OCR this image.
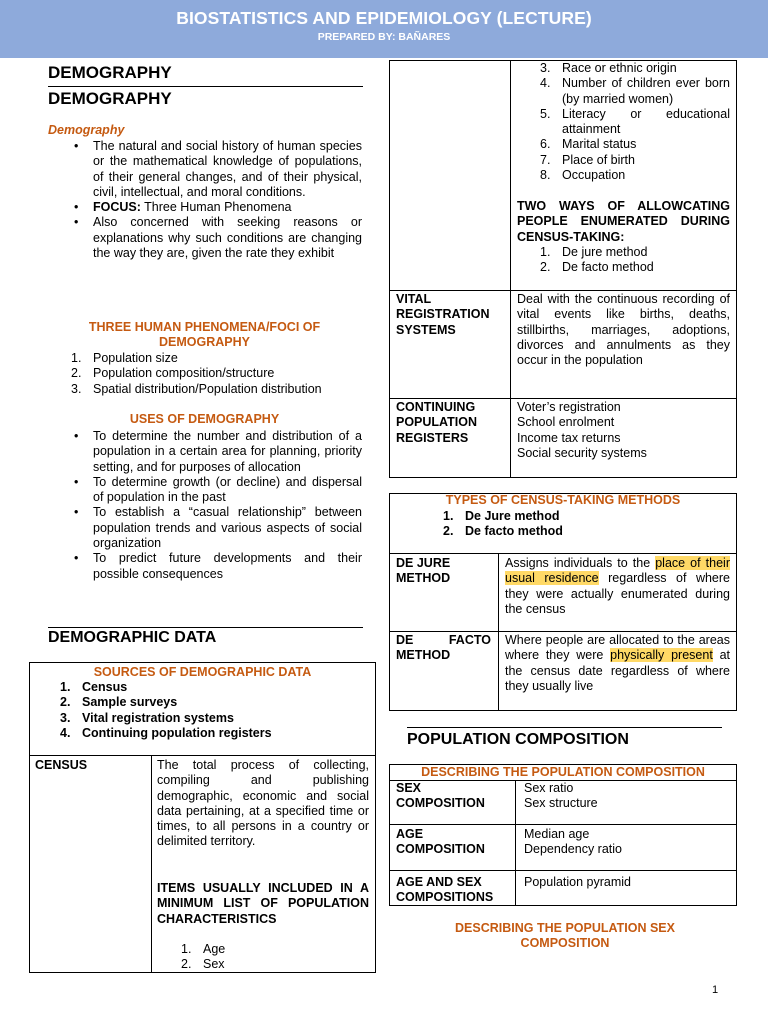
BIOSTATISTICS AND EPIDEMIOLOGY (LECTURE)
PREPARED BY: BAÑARES
DEMOGRAPHY
DEMOGRAPHY
Demography
• The natural and social history of human species or the mathematical knowledge of populations, of their general changes, and of their physical, civil, intellectual, and moral conditions.
• FOCUS: Three Human Phenomena
• Also concerned with seeking reasons or explanations why such conditions are changing the way they are, given the rate they exhibit
THREE HUMAN PHENOMENA/FOCI OF DEMOGRAPHY
1. Population size
2. Population composition/structure
3. Spatial distribution/Population distribution
USES OF DEMOGRAPHY
• To determine the number and distribution of a population in a certain area for planning, priority setting, and for purposes of allocation
• To determine growth (or decline) and dispersal of population in the past
• To establish a “casual relationship” between population trends and various aspects of social organization
• To predict future developments and their possible consequences
DEMOGRAPHIC DATA
SOURCES OF DEMOGRAPHIC DATA
1. Census
2. Sample surveys
3. Vital registration systems
4. Continuing population registers
CENSUS	The total process of collecting, compiling and publishing demographic, economic and social data pertaining, at a specified time or times, to all persons in a country or delimited territory.
ITEMS USUALLY INCLUDED IN A MINIMUM LIST OF POPULATION CHARACTERISTICS
1. Age
2. Sex
3. Race or ethnic origin
4. Number of children ever born (by married women)
5. Literacy or educational attainment
6. Marital status
7. Place of birth
8. Occupation
TWO WAYS OF ALLOWCATING PEOPLE ENUMERATED DURING CENSUS-TAKING:
1. De jure method
2. De facto method
VITAL REGISTRATION SYSTEMS
Deal with the continuous recording of vital events like births, deaths, stillbirths, marriages, adoptions, divorces and annulments as they occur in the population
CONTINUING POPULATION REGISTERS
Voter’s registration
School enrolment
Income tax returns
Social security systems
TYPES OF CENSUS-TAKING METHODS
1. De Jure method
2. De facto method
DE JURE METHOD
Assigns individuals to the place of their usual residence regardless of where they were actually enumerated during the census
DE FACTO METHOD
Where people are allocated to the areas where they were physically present at the census date regardless of where they usually live
POPULATION COMPOSITION
DESCRIBING THE POPULATION COMPOSITION
SEX COMPOSITION
Sex ratio
Sex structure
AGE COMPOSITION
Median age
Dependency ratio
AGE AND SEX COMPOSITIONS
Population pyramid
DESCRIBING THE POPULATION SEX COMPOSITION
1
